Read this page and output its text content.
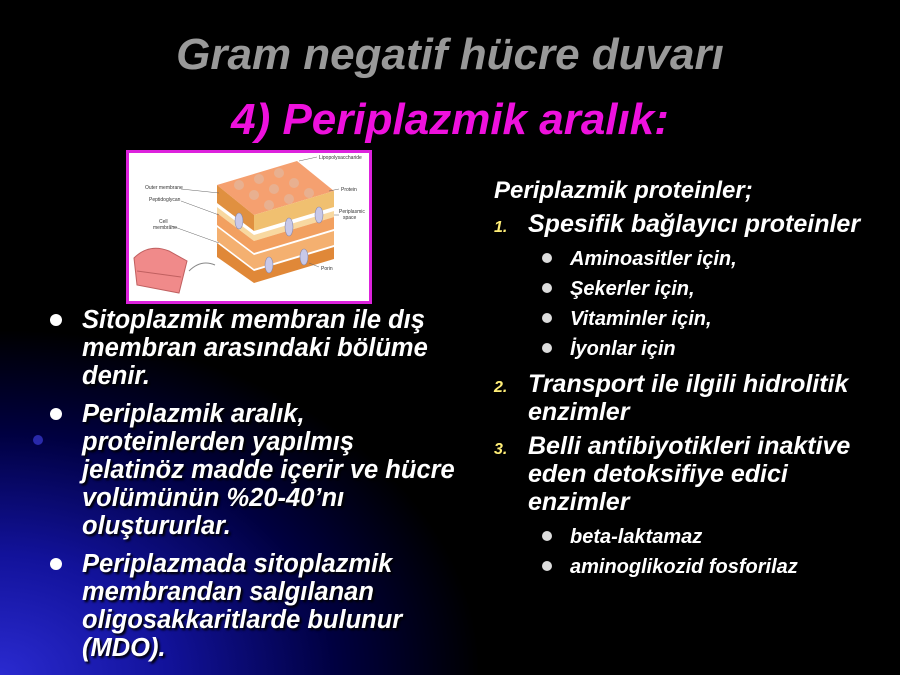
Gram negatif hücre duvarı
4) Periplazmik aralık:
Lipopolysaccharide
Outer membrane	Protein
Peptidoglycan
Periplasmic
space
Cell
membrane
Porin
Sitoplazmik membran ile dış membran arasındaki bölüme denir.
Periplazmik aralık, proteinlerden yapılmış jelatinöz madde içerir ve hücre volümünün %20-40’nı oluştururlar.
Periplazmada sitoplazmik membrandan salgılanan oligosakkaritlarde bulunur (MDO).
Periplazmik proteinler;
1. Spesifik bağlayıcı proteinler
Aminoasitler için,
Şekerler için,
Vitaminler için,
İyonlar için
2. Transport ile ilgili hidrolitik enzimler
3. Belli antibiyotikleri inaktive eden detoksifiye edici enzimler
beta-laktamaz
aminoglikozid fosforilaz
